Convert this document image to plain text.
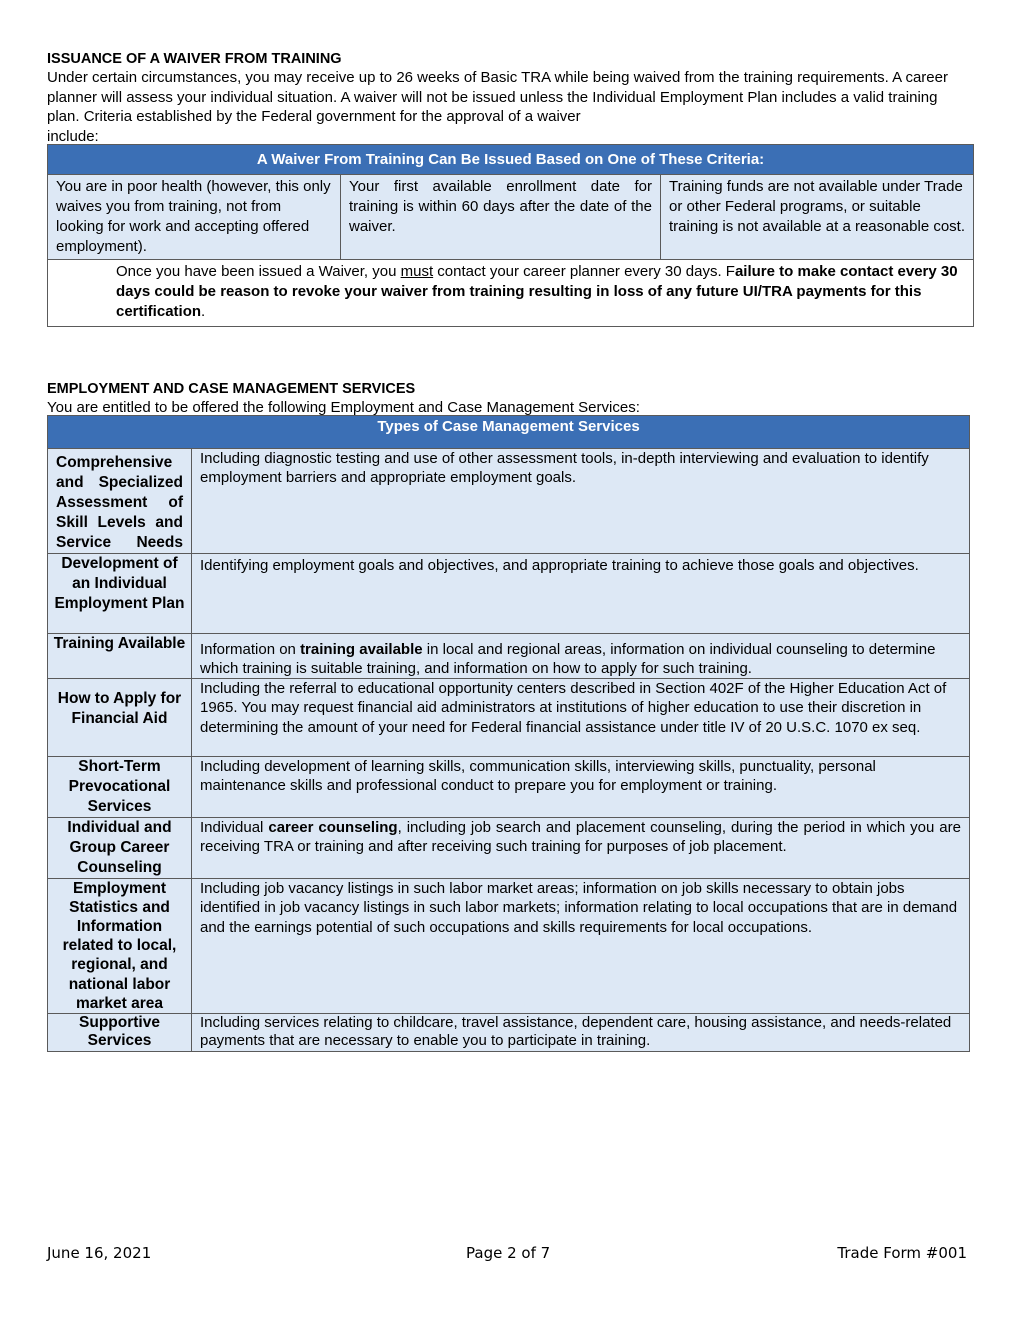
ISSUANCE OF A WAIVER FROM TRAINING
Under certain circumstances, you may receive up to 26 weeks of Basic TRA while being waived from the training requirements. A career planner will assess your individual situation. A waiver will not be issued unless the Individual Employment Plan includes a valid training plan. Criteria established by the Federal government for the approval of a waiver
include:
A Waiver From Training Can Be Issued Based on One of These Criteria:
You are in poor health (however, this only waives you from training, not from looking for work and accepting offered employment).	Your first available enrollment date for training is within 60 days after the date of the waiver.	Training funds are not available under Trade or other Federal programs, or suitable training is not available at a reasonable cost.
Once you have been issued a Waiver, you must contact your career planner every 30 days. Failure to make contact every 30 days could be reason to revoke your waiver from training resulting in loss of any future UI/TRA payments for this certification.
EMPLOYMENT AND CASE MANAGEMENT SERVICES
You are entitled to be offered the following Employment and Case Management Services:
Types of Case Management Services	
Comprehensive and Specialized Assessment of Skill Levels and Service Needs	Including diagnostic testing and use of other assessment tools, in-depth interviewing and evaluation to identify employment barriers and appropriate employment goals.
Development of an Individual Employment Plan	Identifying employment goals and objectives, and appropriate training to achieve those goals and objectives.
Training Available	Information on training available in local and regional areas, information on individual counseling to determine which training is suitable training, and information on how to apply for such training.

How to Apply for Financial Aid	Including the referral to educational opportunity centers described in Section 402F of the Higher Education Act of 1965. You may request financial aid administrators at institutions of higher education to use their discretion in determining the amount of your need for Federal financial assistance under title IV of 20 U.S.C. 1070 ex seq.
Short-Term Prevocational Services	Including development of learning skills, communication skills, interviewing skills, punctuality, personal maintenance skills and professional conduct to prepare you for employment or training.
Individual and Group Career Counseling	Individual career counseling, including job search and placement counseling, during the period in which you are receiving TRA or training and after receiving such training for purposes of job placement.
Employment Statistics and Information related to local, regional, and national labor market area	Including job vacancy listings in such labor market areas; information on job skills necessary to obtain jobs identified in job vacancy listings in such labor markets; information relating to local occupations that are in demand and the earnings potential of such occupations and skills requirements for local occupations.
Supportive Services	Including services relating to childcare, travel assistance, dependent care, housing assistance, and needs-related payments that are necessary to enable you to participate in training.
June 16, 2021	Page 2 of 7	Trade Form #001
